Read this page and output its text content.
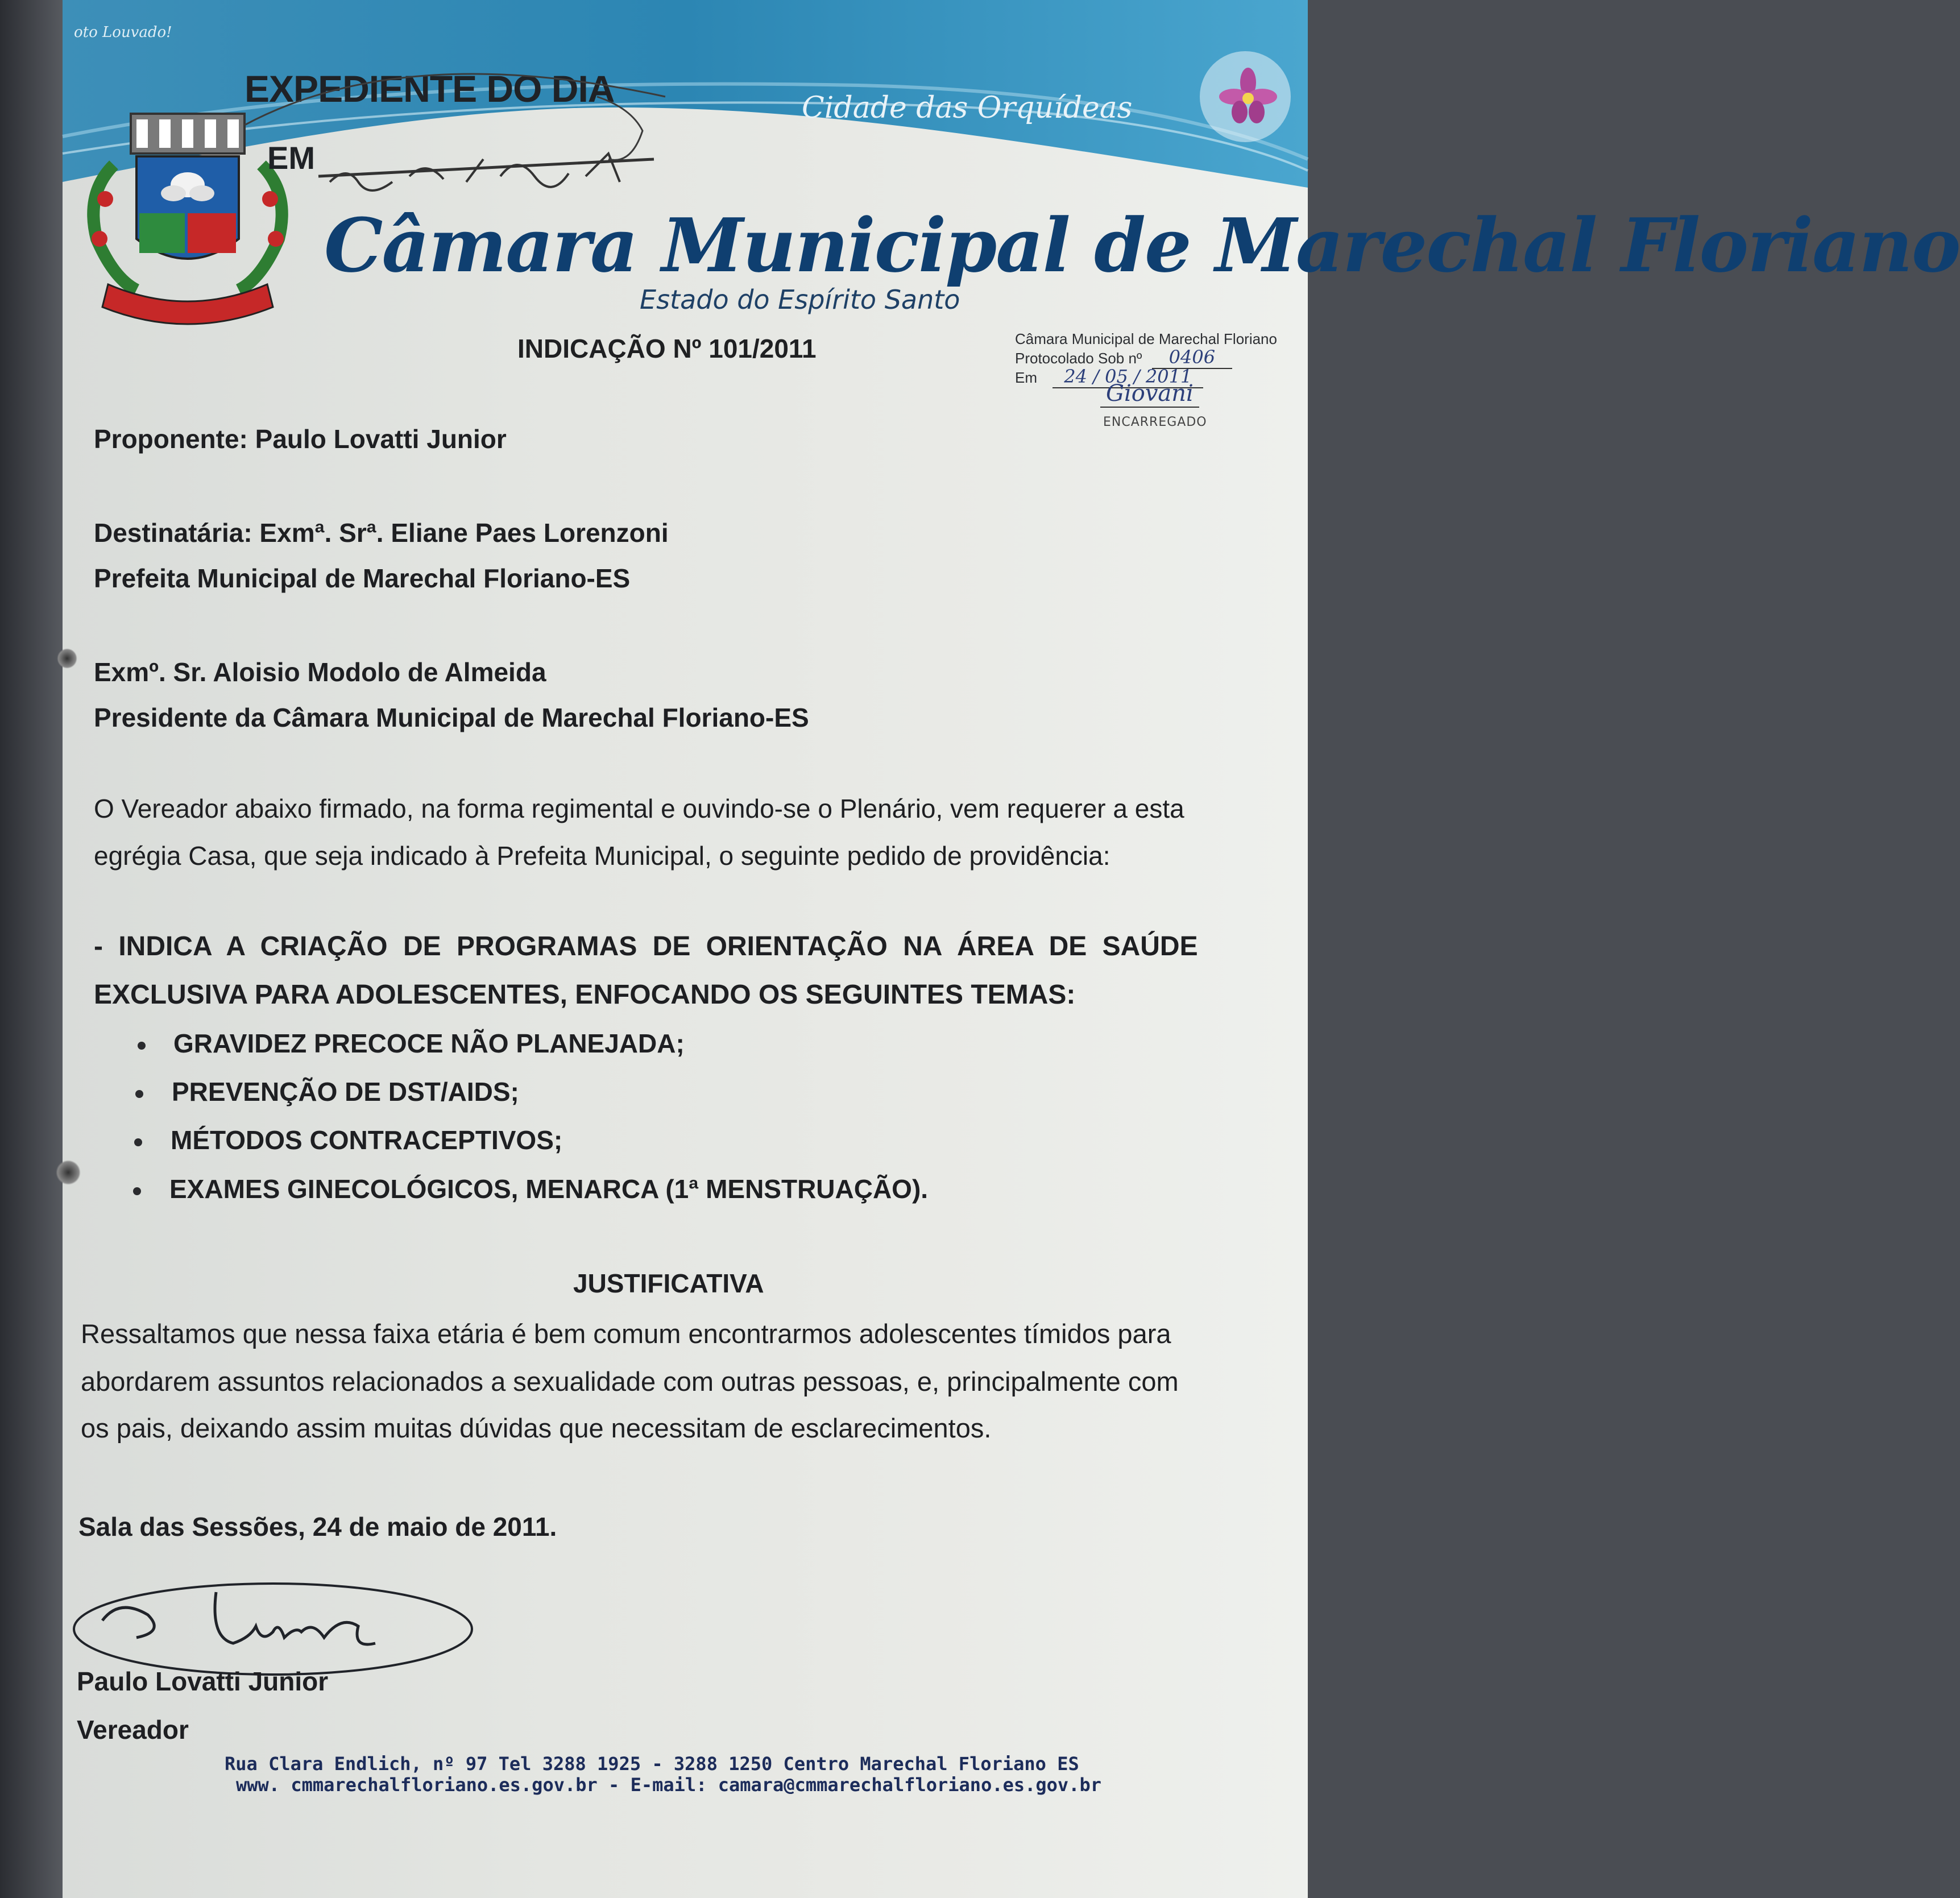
oto Louvado!
Cidade das Orquídeas
EXPEDIENTE DO DIA
EM
Câmara Municipal de Marechal Floriano
Estado do Espírito Santo
INDICAÇÃO Nº 101/2011	Câmara Municipal de Marechal Floriano
Protocolado Sob nº 0406
Em 24 / 05 / 2011
Giovani
ENCARREGADO
Proponente: Paulo Lovatti Junior
Destinatária: Exmª. Srª. Eliane Paes Lorenzoni
Prefeita Municipal de Marechal Floriano-ES
Exmº. Sr. Aloisio Modolo de Almeida
Presidente da Câmara Municipal de Marechal Floriano-ES
O Vereador abaixo firmado, na forma regimental e ouvindo-se o Plenário, vem requerer a esta
egrégia Casa, que seja indicado à Prefeita Municipal, o seguinte pedido de providência:
- INDICA A CRIAÇÃO DE PROGRAMAS DE ORIENTAÇÃO NA ÁREA DE SAÚDE
EXCLUSIVA PARA ADOLESCENTES, ENFOCANDO OS SEGUINTES TEMAS:
GRAVIDEZ PRECOCE NÃO PLANEJADA;
PREVENÇÃO DE DST/AIDS;
MÉTODOS CONTRACEPTIVOS;
EXAMES GINECOLÓGICOS, MENARCA (1ª MENSTRUAÇÃO).
JUSTIFICATIVA
Ressaltamos que nessa faixa etária é bem comum encontrarmos adolescentes tímidos para
abordarem assuntos relacionados a sexualidade com outras pessoas, e, principalmente com
os pais, deixando assim muitas dúvidas que necessitam de esclarecimentos.
Sala das Sessões, 24 de maio de 2011.
Paulo Lovatti Junior
Vereador
Rua Clara Endlich, nº 97 Tel 3288 1925 - 3288 1250 Centro Marechal Floriano ES
www. cmmarechalfloriano.es.gov.br - E-mail: camara@cmmarechalfloriano.es.gov.br
